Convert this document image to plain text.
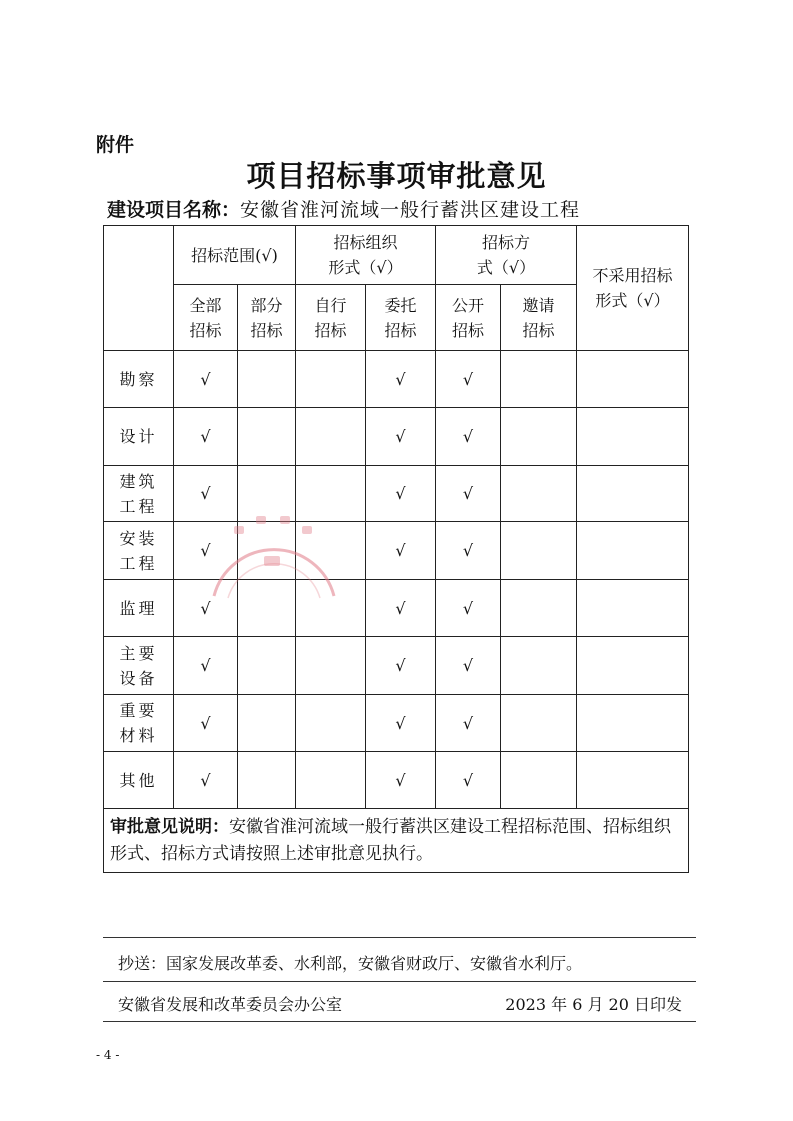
附件
项目招标事项审批意见
建设项目名称：安徽省淮河流域一般行蓄洪区建设工程
	招标范围(√)		招标组织形式（√）		招标方式（√）		不采用招标形式（√）
	全部招标	部分招标	自行招标	委托招标	公开招标	邀请招标	
勘察	√			√	√		
设计	√			√	√		
建筑工程	√			√	√		
安装工程	√			√	√		
监理	√			√	√		
主要设备	√			√	√		
重要材料	√			√	√		
其他	√			√	√		
审批意见说明：安徽省淮河流域一般行蓄洪区建设工程招标范围、招标组织形式、招标方式请按照上述审批意见执行。							
抄送：国家发展改革委、水利部，安徽省财政厅、安徽省水利厅。
安徽省发展和改革委员会办公室	2023 年 6 月 20 日印发
- 4 -
